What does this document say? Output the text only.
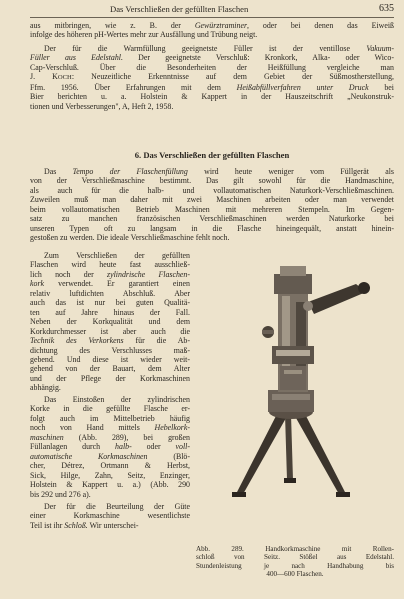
Das Verschließen der gefüllten Flaschen	635
aus mitbringen, wie z. B. der Gewürztraminer, oder bei denen das Eiweiß
infolge des höheren pH-Wertes mehr zur Ausfällung und Trübung neigt.
Der für die Warmfüllung geeignetste Füller ist der ventillose Vakuum-
Füller aus Edelstahl. Der geeignetste Verschluß: Kronkork, Alka- oder Wico-
Cap-Verschluß. Über die Besonderheiten der Heißfüllung vergleiche man
J. KOCH: Neuzeitliche Erkenntnisse auf dem Gebiet der Süßmostherstellung,
Ffm. 1956. Über Erfahrungen mit dem Heißabfüllverfahren unter Druck bei
Bier berichten u. a. Holstein & Kappert in der Hauszeitschrift „Neukonstruk-
tionen und Verbesserungen", A, Heft 2, 1958.
6. Das Verschließen der gefüllten Flaschen
Das Tempo der Flaschenfüllung wird heute weniger vom Füllgerät als
von der Verschließmaschine bestimmt. Das gilt sowohl für die Handmaschine,
als auch für die halb- und vollautomatischen Naturkork-Verschließmaschinen.
Zuweilen muß man daher mit zwei Maschinen arbeiten oder man verwendet
beim vollautomatischen Betrieb Maschinen mit mehreren Stempeln. Im Gegen-
satz zu manchen französischen Verschließmaschinen werden Naturkorke bei
unseren Typen oft zu langsam in die Flasche hineingequält, anstatt hinein-
gestoßen zu werden. Die ideale Verschließmaschine fehlt noch.
Zum Verschließen der gefüllten
Flaschen wird heute fast ausschließ-
lich noch der zylindrische Flaschen-
kork verwendet. Er garantiert einen
relativ luftdichten Abschluß. Aber
auch das ist nur bei guten Qualitä-
ten auf Jahre hinaus der Fall.
Neben der Korkqualität und dem
Korkdurchmesser ist aber auch die
Technik des Verkorkens für die Ab-
dichtung des Verschlusses maß-
gebend. Und diese ist wieder weit-
gehend von der Bauart, dem Alter
und der Pflege der Korkmaschinen
abhängig.
Das Einstoßen der zylindrischen
Korke in die gefüllte Flasche er-
folgt auch im Mittelbetrieb häufig
noch von Hand mittels Hebelkork-
maschinen (Abb. 289), bei großen
Füllanlagen durch halb- oder voll-
automatische Korkmaschinen (Blö-
cher, Détrez, Ortmann & Herbst,
Sick, Hilge, Zahn, Seitz, Enzinger,
Holstein & Kappert u. a.) (Abb. 290
bis 292 und 276 a).
Der für die Beurteilung der Güte
einer Korkmaschine wesentlichste
Teil ist ihr Schloß. Wir unterschei-
Abb. 289. Handkorkmaschine mit Rollen-
schloß von Seitz. Stößel aus Edelstahl.
Stundenleistung je nach Handhabung bis
400—600 Flaschen.
